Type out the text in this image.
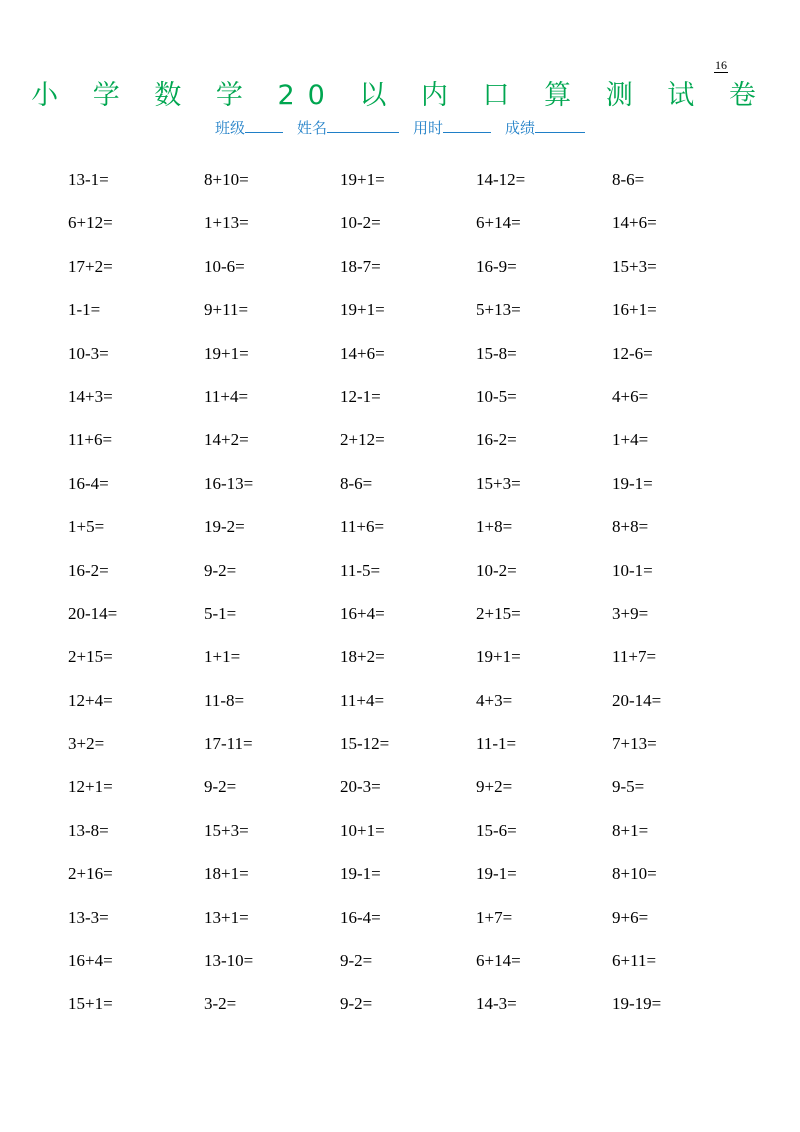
16
小 学 数 学 20 以 内 口 算 测 试 卷
班级	姓名	用时	成绩
13-1=	8+10=	19+1=	14-12=	8-6=
6+12=	1+13=	10-2=	6+14=	14+6=
17+2=	10-6=	18-7=	16-9=	15+3=
1-1=	9+11=	19+1=	5+13=	16+1=
10-3=	19+1=	14+6=	15-8=	12-6=
14+3=	11+4=	12-1=	10-5=	4+6=
11+6=	14+2=	2+12=	16-2=	1+4=
16-4=	16-13=	8-6=	15+3=	19-1=
1+5=	19-2=	11+6=	1+8=	8+8=
16-2=	9-2=	11-5=	10-2=	10-1=
20-14=	5-1=	16+4=	2+15=	3+9=
2+15=	1+1=	18+2=	19+1=	11+7=
12+4=	11-8=	11+4=	4+3=	20-14=
3+2=	17-11=	15-12=	11-1=	7+13=
12+1=	9-2=	20-3=	9+2=	9-5=
13-8=	15+3=	10+1=	15-6=	8+1=
2+16=	18+1=	19-1=	19-1=	8+10=
13-3=	13+1=	16-4=	1+7=	9+6=
16+4=	13-10=	9-2=	6+14=	6+11=
15+1=	3-2=	9-2=	14-3=	19-19=
